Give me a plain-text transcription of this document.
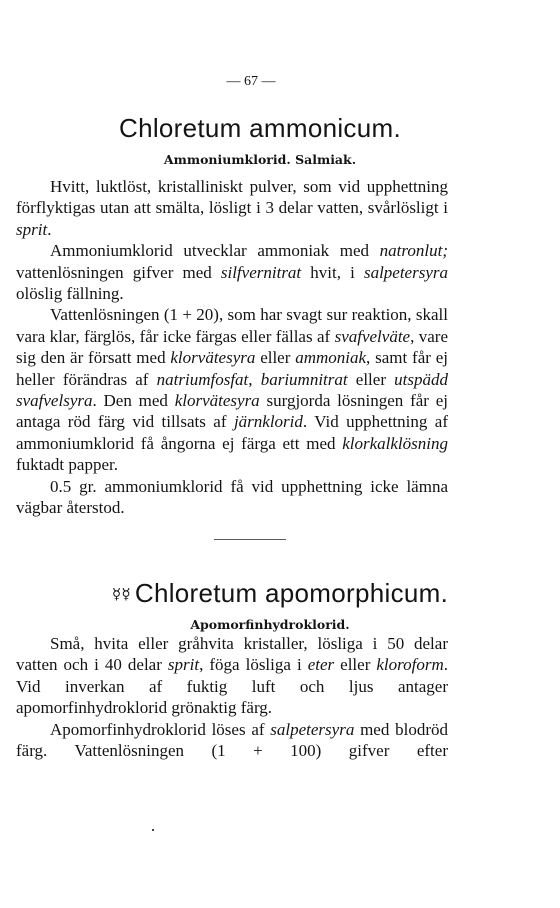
— 67 —
Chloretum ammonicum.
Ammoniumklorid. Salmiak.

Hvitt, luktlöst, kristalliniskt pulver, som vid upphettning förflyktigas utan att smälta, lösligt i 3 delar vatten, svårlösligt i sprit.

Ammoniumklorid utvecklar ammoniak med natronlut; vattenlösningen gifver med silfvernitrat hvit, i salpetersyra olöslig fällning.

Vattenlösningen (1 + 20), som har svagt sur reaktion, skall vara klar, färglös, får icke färgas eller fällas af svafvelväte, vare sig den är försatt med klorvätesyra eller ammoniak, samt får ej heller förändras af natriumfosfat, bariumnitrat eller utspädd svafvelsyra. Den med klorvätesyra surgjorda lösningen får ej antaga röd färg vid tillsats af järnklorid. Vid upphettning af ammoniumklorid få ångorna ej färga ett med klorkalklösning fuktadt papper.

0.5 gr. ammoniumklorid få vid upphettning icke lämna vägbar återstod.

☿☿ Chloretum apomorphicum.
Apomorfinhydroklorid.

Små, hvita eller gråhvita kristaller, lösliga i 50 delar vatten och i 40 delar sprit, föga lösliga i eter eller kloroform. Vid inverkan af fuktig luft och ljus antager apomorfinhydroklorid grönaktig färg.

Apomorfinhydroklorid löses af salpetersyra med blodröd färg. Vattenlösningen (1 + 100) gifver efter
